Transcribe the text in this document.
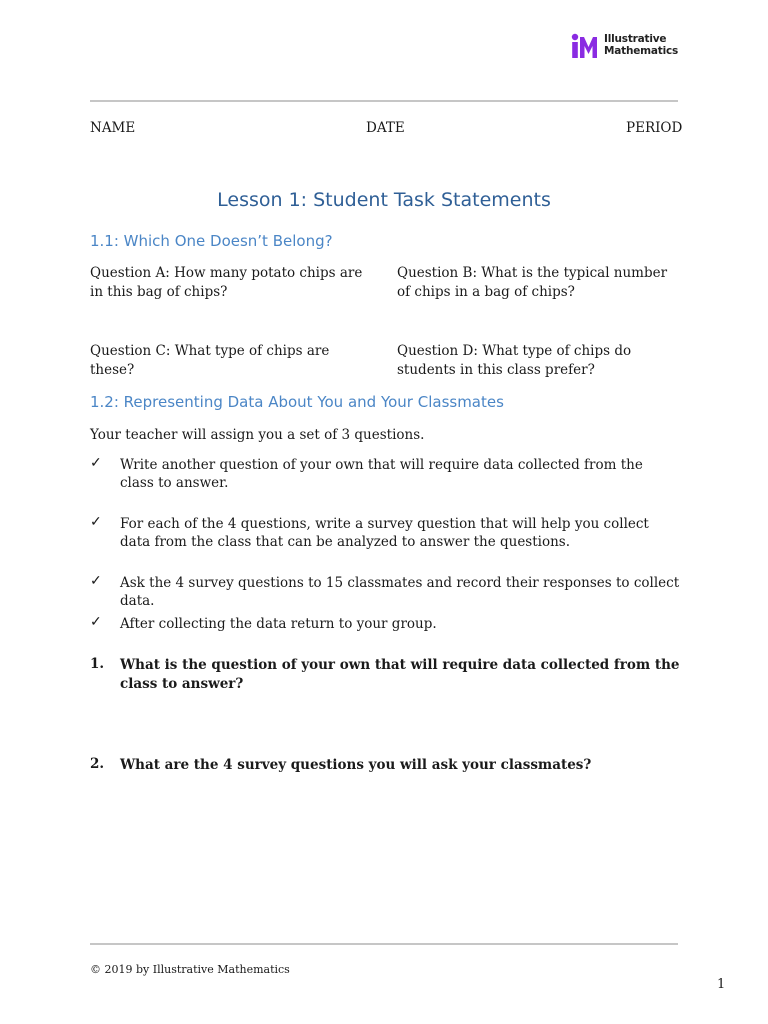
Illustrative
Mathematics
NAME	DATE	PERIOD
Lesson 1: Student Task Statements
1.1: Which One Doesn’t Belong?
Question A: How many potato chips are in this bag of chips?
Question B: What is the typical number of chips in a bag of chips?
Question C: What type of chips are these?
Question D: What type of chips do students in this class prefer?
1.2: Representing Data About You and Your Classmates
Your teacher will assign you a set of 3 questions.
✓	Write another question of your own that will require data collected from the class to answer.
✓	For each of the 4 questions, write a survey question that will help you collect data from the class that can be analyzed to answer the questions.
✓	Ask the 4 survey questions to 15 classmates and record their responses to collect data.
✓	After collecting the data return to your group.
1. What is the question of your own that will require data collected from the class to answer?
2. What are the 4 survey questions you will ask your classmates?
© 2019 by Illustrative Mathematics
1
